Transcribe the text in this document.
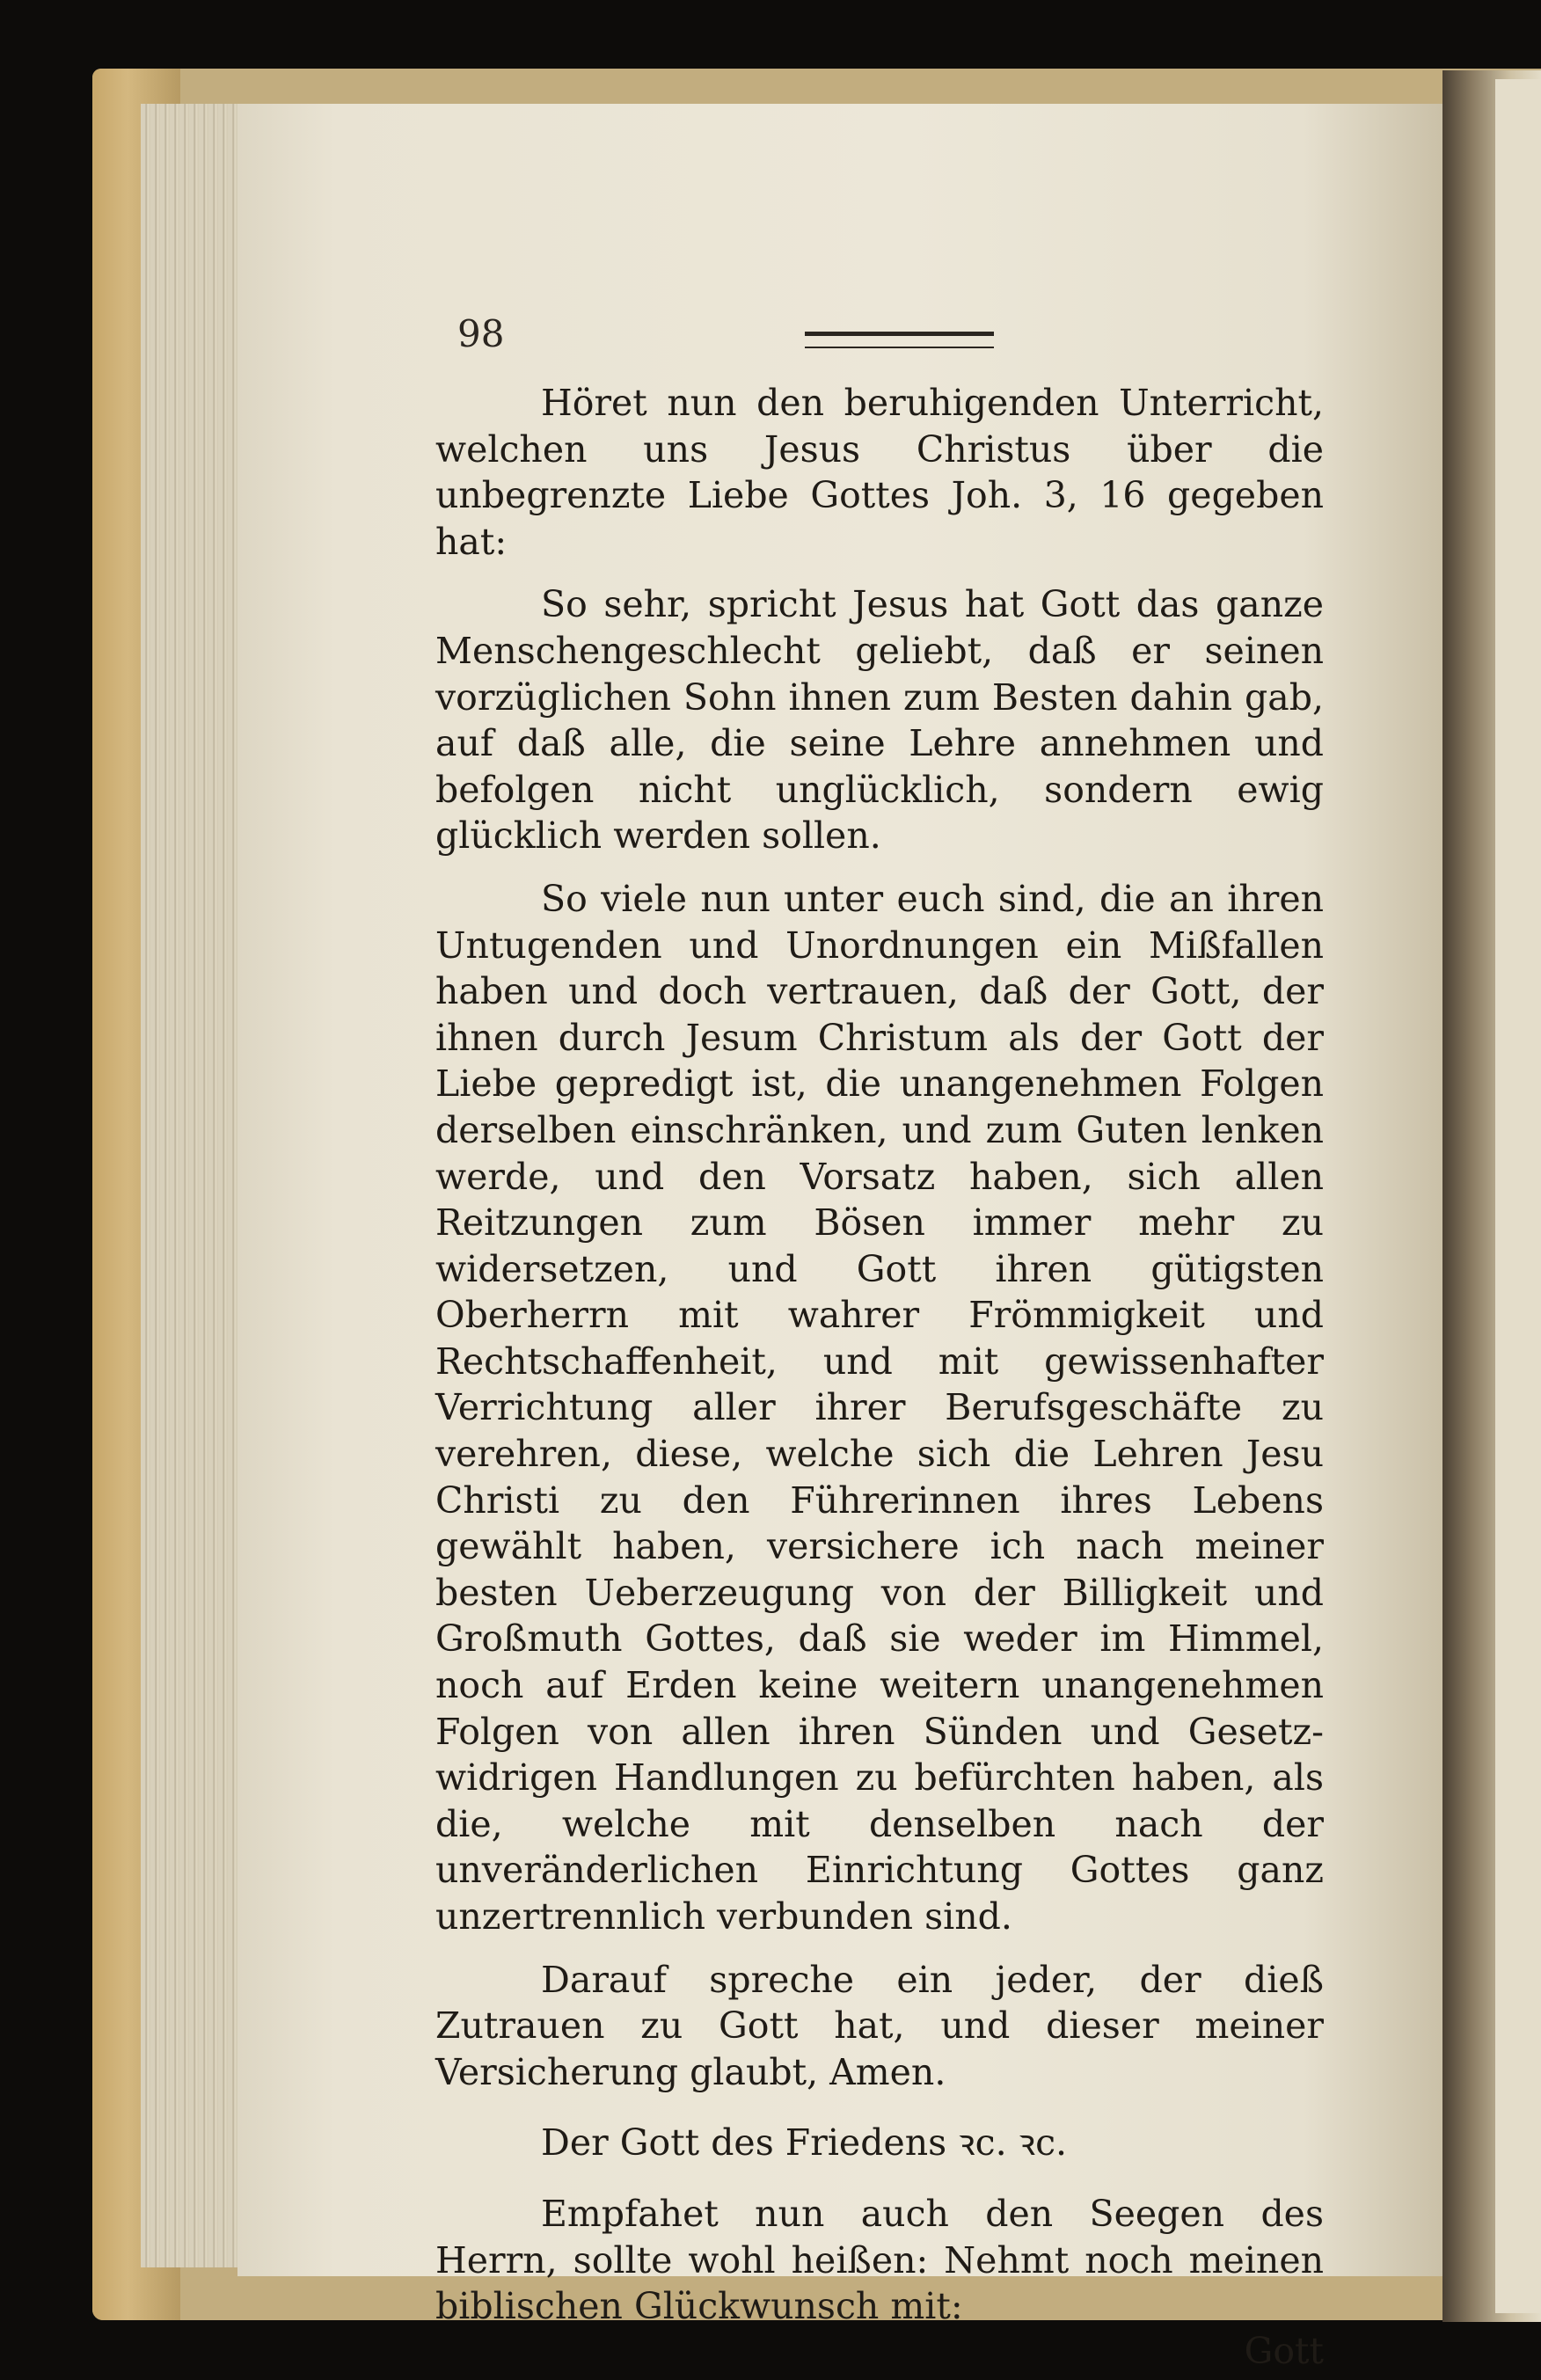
98

Höret nun den beruhigenden Unterricht, welchen uns Jesus Christus über die unbegrenzte Liebe Gottes Joh. 3, 16 gegeben hat:

So sehr, spricht Jesus hat Gott das ganze Menschengeschlecht geliebt, daß er seinen vorzüglichen Sohn ihnen zum Besten dahin gab, auf daß alle, die seine Lehre annehmen und befolgen nicht unglücklich, sondern ewig glücklich werden sollen.

So viele nun unter euch sind, die an ihren Untugenden und Unordnungen ein Mißfallen haben und doch vertrauen, daß der Gott, der ihnen durch Jesum Christum als der Gott der Liebe gepredigt ist, die unangenehmen Folgen derselben einschränken, und zum Guten lenken werde, und den Vorsatz haben, sich allen Reitzungen zum Bösen immer mehr zu widersetzen, und Gott ihren gütigsten Oberherrn mit wahrer Frömmigkeit und Rechtschaffenheit, und mit gewissenhafter Verrichtung aller ihrer Berufsgeschäfte zu verehren, diese, welche sich die Lehren Jesu Christi zu den Führerinnen ihres Lebens gewählt haben, versichere ich nach meiner besten Ueberzeugung von der Billigkeit und Großmuth Gottes, daß sie weder im Himmel, noch auf Erden keine weitern unangenehmen Folgen von allen ihren Sünden und Gesetz-widrigen Handlungen zu befürchten haben, als die, welche mit denselben nach der unveränderlichen Einrichtung Gottes ganz unzertrennlich verbunden sind.

Darauf spreche ein jeder, der dieß Zutrauen zu Gott hat, und dieser meiner Versicherung glaubt, Amen.

Der Gott des Friedens ꝛc. ꝛc.

Empfahet nun auch den Seegen des Herrn, sollte wohl heißen: Nehmt noch meinen biblischen Glückwunsch mit:

Gott
